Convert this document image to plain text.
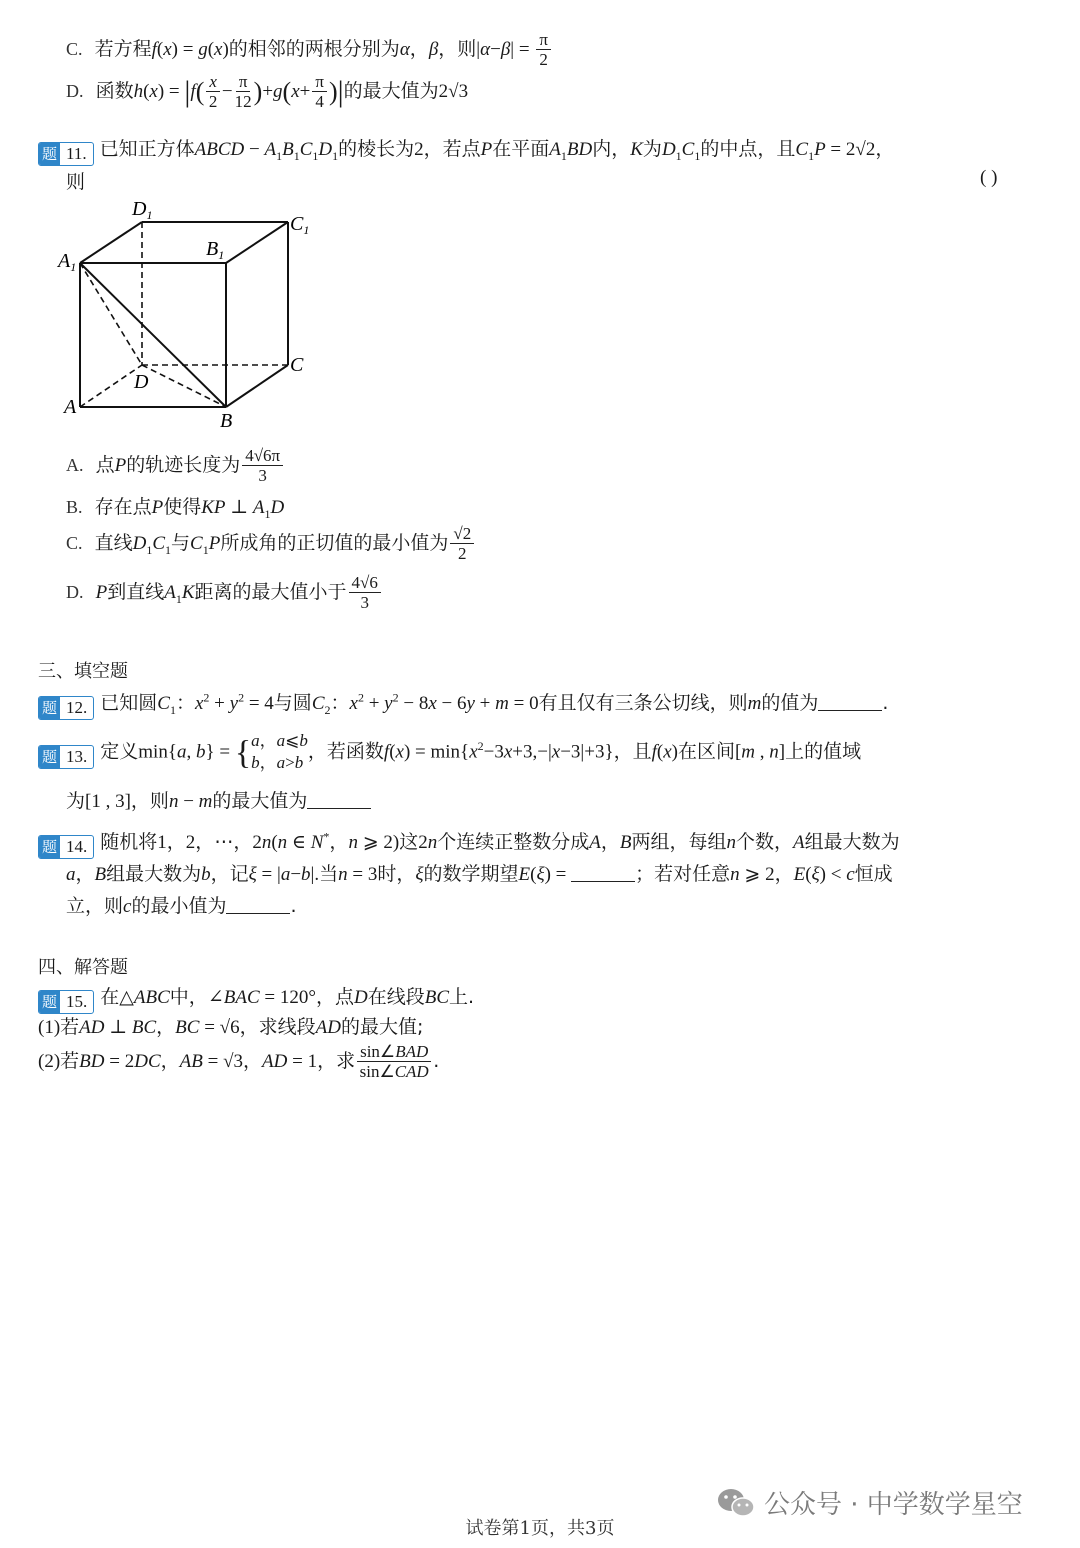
C.  若方程f(x) = g(x)的相邻的两根分别为α，β，则$|\alpha-\beta| = \frac{\pi}{2}$
D.  函数$h(x) = |f( \frac{x}{2} - \frac{\pi}{12} )+g(x+ \frac{\pi}{4}$ )|的最大值为2√3
题 11. 已知正方体ABCD − $A_1B_1C_1D_1$的棱长为2，若点P在平面$A_1BD$内，K为$D_1C_1$的中点，且$C_1P = 2√2$，
则	( )
$D_1$	$C_1$
$A_1$
$B_1$
D
C
A
B
A.  点P的轨迹长度为 $\frac{4√6\pi}{3}$
B.  存在点P使得KP ⊥ $A_1D$
C.  直线$D_1C_1$与$C_1P$所成角的正切值的最小值为 $\frac{√2}{2}$
D. P到直线$A_1K$距离的最大值小于 $\frac{4√6}{3}$
三、填空题
题 12. 已知圆$C_1$：$x^2 + y^2 = 4$与圆$C_2$：$x^2 + y^2 - 8x - 6y + m = 0$有且仅有三条公切线，则m的值为	.
题 13. 定义min{a, b} = { a，a⩽b
b，a>b ，若函数$f(x) = \min\{x^2-3x+3,-|x-3|+3\}$，且f(x)在区间[m , n]上的值域
为[1 , 3]，则n − m的最大值为
题 14. 随机将1，2，⋯，2n(n ∈ N*，n ⩾ 2)这2n个连续正整数分成A，B两组，每组n个数，A组最大数为
a，B组最大数为b，记ξ = |a−b|.当n = 3时，ξ的数学期望E(ξ) =	；若对任意n ⩾ 2，E(ξ) < c恒成
立，则c的最小值为	.
四、解答题
题 15. 在△ABC中，∠BAC = 120°，点D在线段BC上.
(1)若AD ⊥ BC，BC = √6，求线段AD的最大值;
(2)若BD = 2DC，AB = √3，AD = 1，求 $\frac{\text{sin∠BAD}}{\text{sin∠CAD}}$ .
公众号 · 中学数学星空
试卷第1页，共3页
